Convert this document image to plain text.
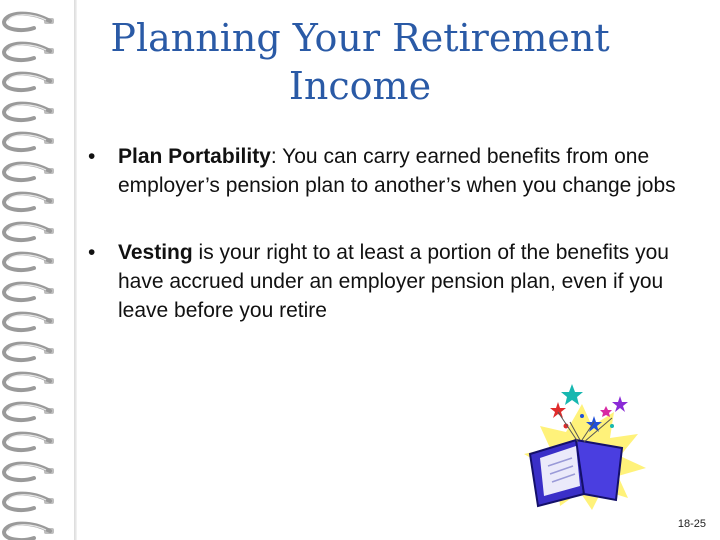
Planning Your Retirement
Income
• Plan Portability: You can carry earned benefits from one employer’s pension plan to another’s when you change jobs
• Vesting is your right to at least a portion of the benefits you have accrued under an employer pension plan, even if you leave before you retire
18-25
